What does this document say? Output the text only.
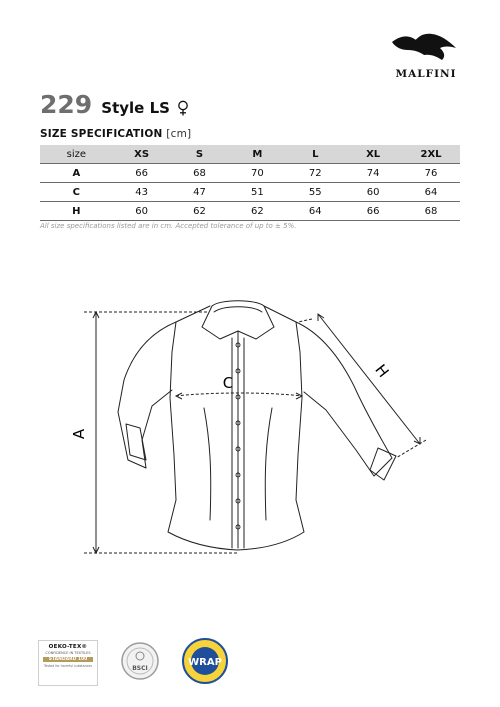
MALFINI
229 Style LS
SIZE SPECIFICATION [cm]
size	XS	S	M	L	XL	2XL
A	66	68	70	72	74	76
C	43	47	51	55	60	64
H	60	62	62	64	66	68
All size specifications listed are in cm. Accepted tolerance of up to ± 5%.
A
C
H
OEKO-TEX®
CONFIDENCE IN TEXTILES
STANDARD 100
Tested for harmful substances	BSCI
WRAP
